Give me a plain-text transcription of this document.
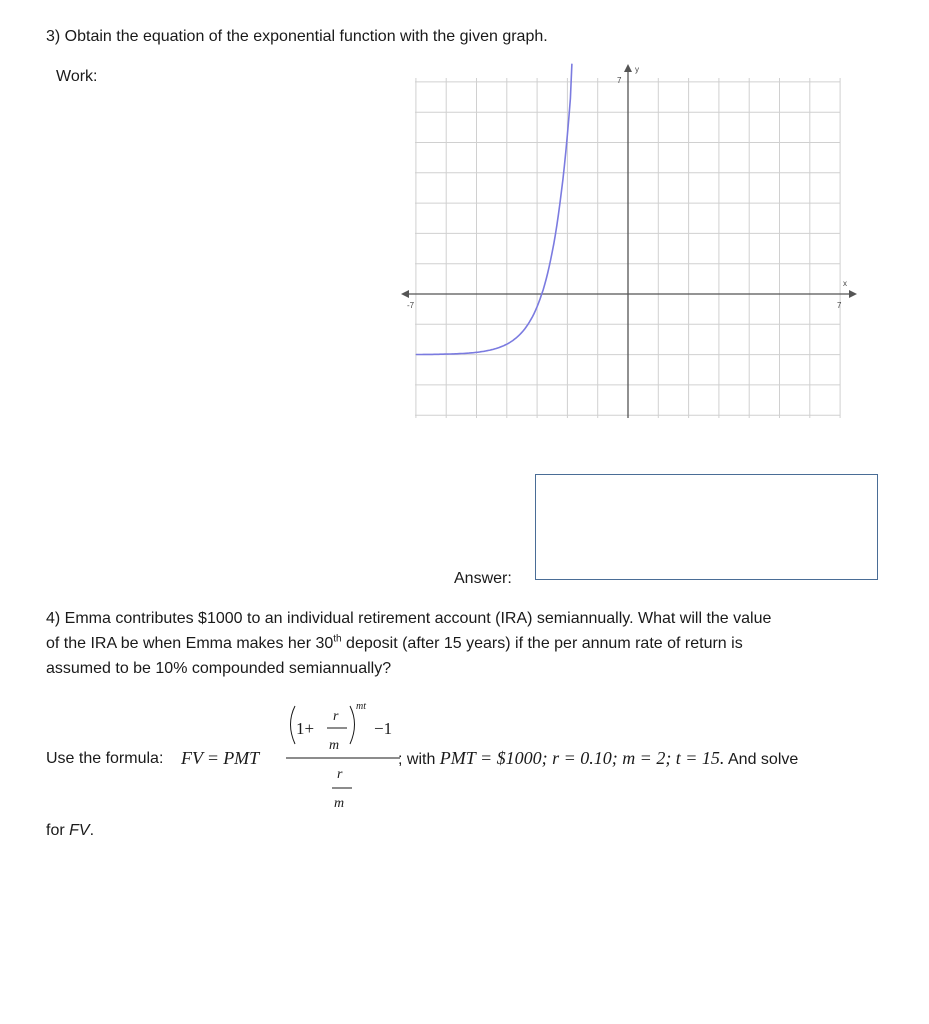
3) Obtain the equation of the exponential function with the given graph.
Work:
x
y
-7	7
7
Answer:
4) Emma contributes $1000 to an individual retirement account (IRA) semiannually. What will the value
of the IRA be when Emma makes her 30th deposit (after 15 years) if the per annum rate of return is
assumed to be 10% compounded semiannually?
Use the formula: FV = PMT
1+
r
m
mt
−1
r
m
; with PMT = $1000; r = 0.10; m = 2; t = 15. And solve
for FV.
